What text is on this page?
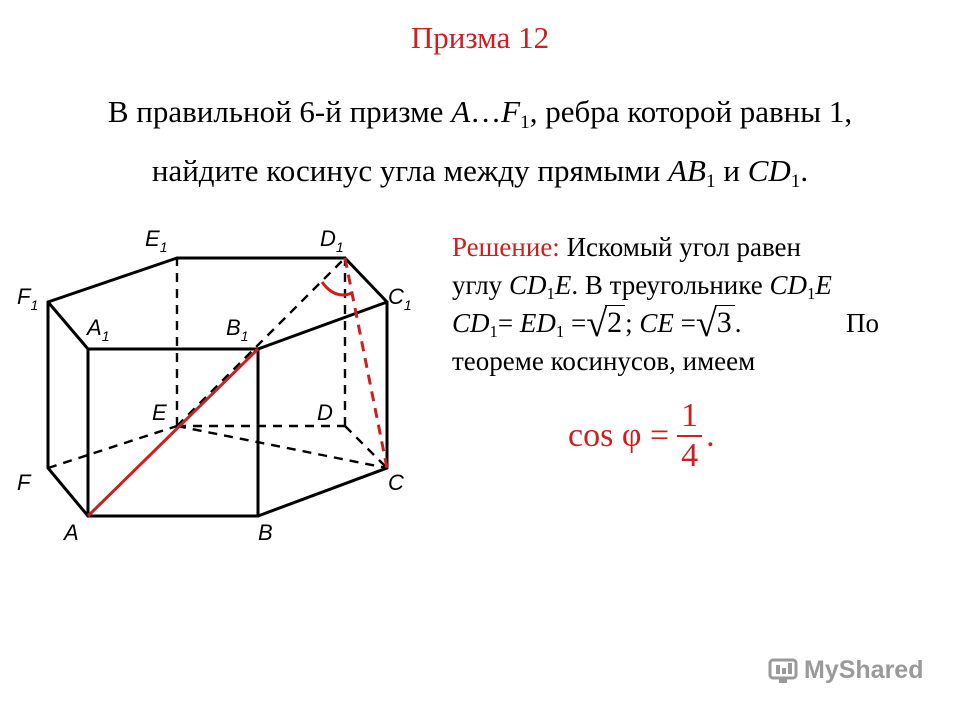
Призма 12
В правильной 6-й призме $A\dots F_1$, ребра которой равны 1,
найдите косинус угла между прямыми $AB_1$ и $CD_1$.
$E_1$	$D_1$
$F_1$	$C_1$
$A_1$	$B_1$
E	D
F	C
A	B
Решение: Искомый угол равен
углу $CD_1E$. В треугольнике $CD_1E$
$CD_1= ED_1 =√2$ ; CE =√3 .	По
теореме косинусов, имеем
$\cos \varphi = \frac{1}{4}$ .
MyShared
